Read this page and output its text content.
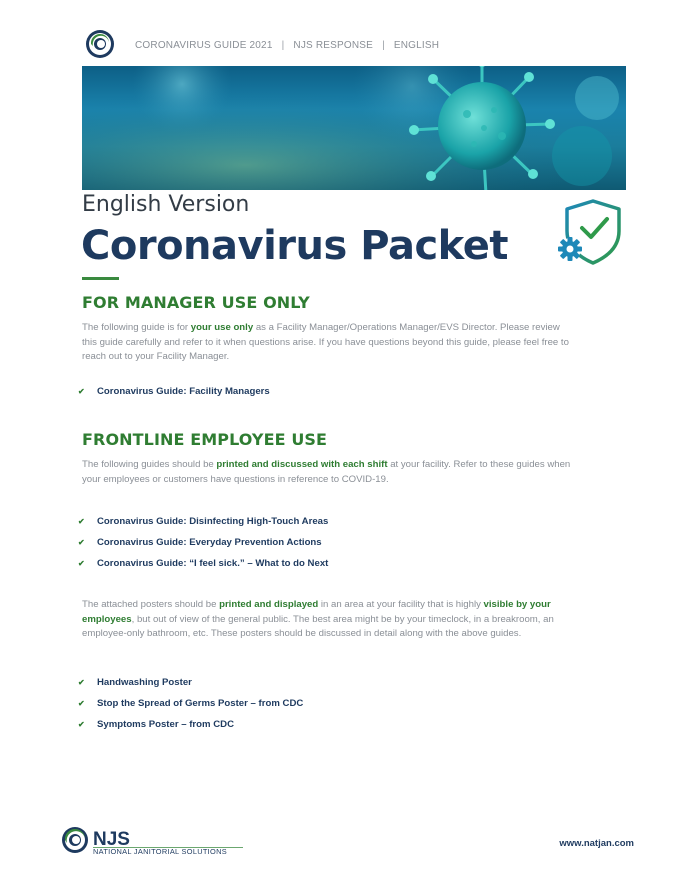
CORONAVIRUS GUIDE 2021 | NJS RESPONSE | ENGLISH
English Version
Coronavirus Packet
FOR MANAGER USE ONLY
The following guide is for your use only as a Facility Manager/Operations Manager/EVS Director. Please review this guide carefully and refer to it when questions arise. If you have questions beyond this guide, please feel free to reach out to your Facility Manager.
✔	Coronavirus Guide: Facility Managers
FRONTLINE EMPLOYEE USE
The following guides should be printed and discussed with each shift at your facility. Refer to these guides when your employees or customers have questions in reference to COVID-19.
✔	Coronavirus Guide: Disinfecting High-Touch Areas
✔	Coronavirus Guide: Everyday Prevention Actions
✔	Coronavirus Guide: “I feel sick.” – What to do Next
The attached posters should be printed and displayed in an area at your facility that is highly visible by your employees, but out of view of the general public. The best area might be by your timeclock, in a breakroom, an employee-only bathroom, etc. These posters should be discussed in detail along with the above guides.
✔	Handwashing Poster
✔	Stop the Spread of Germs Poster – from CDC
✔	Symptoms Poster – from CDC
NJS
NATIONAL JANITORIAL SOLUTIONS
www.natjan.com
